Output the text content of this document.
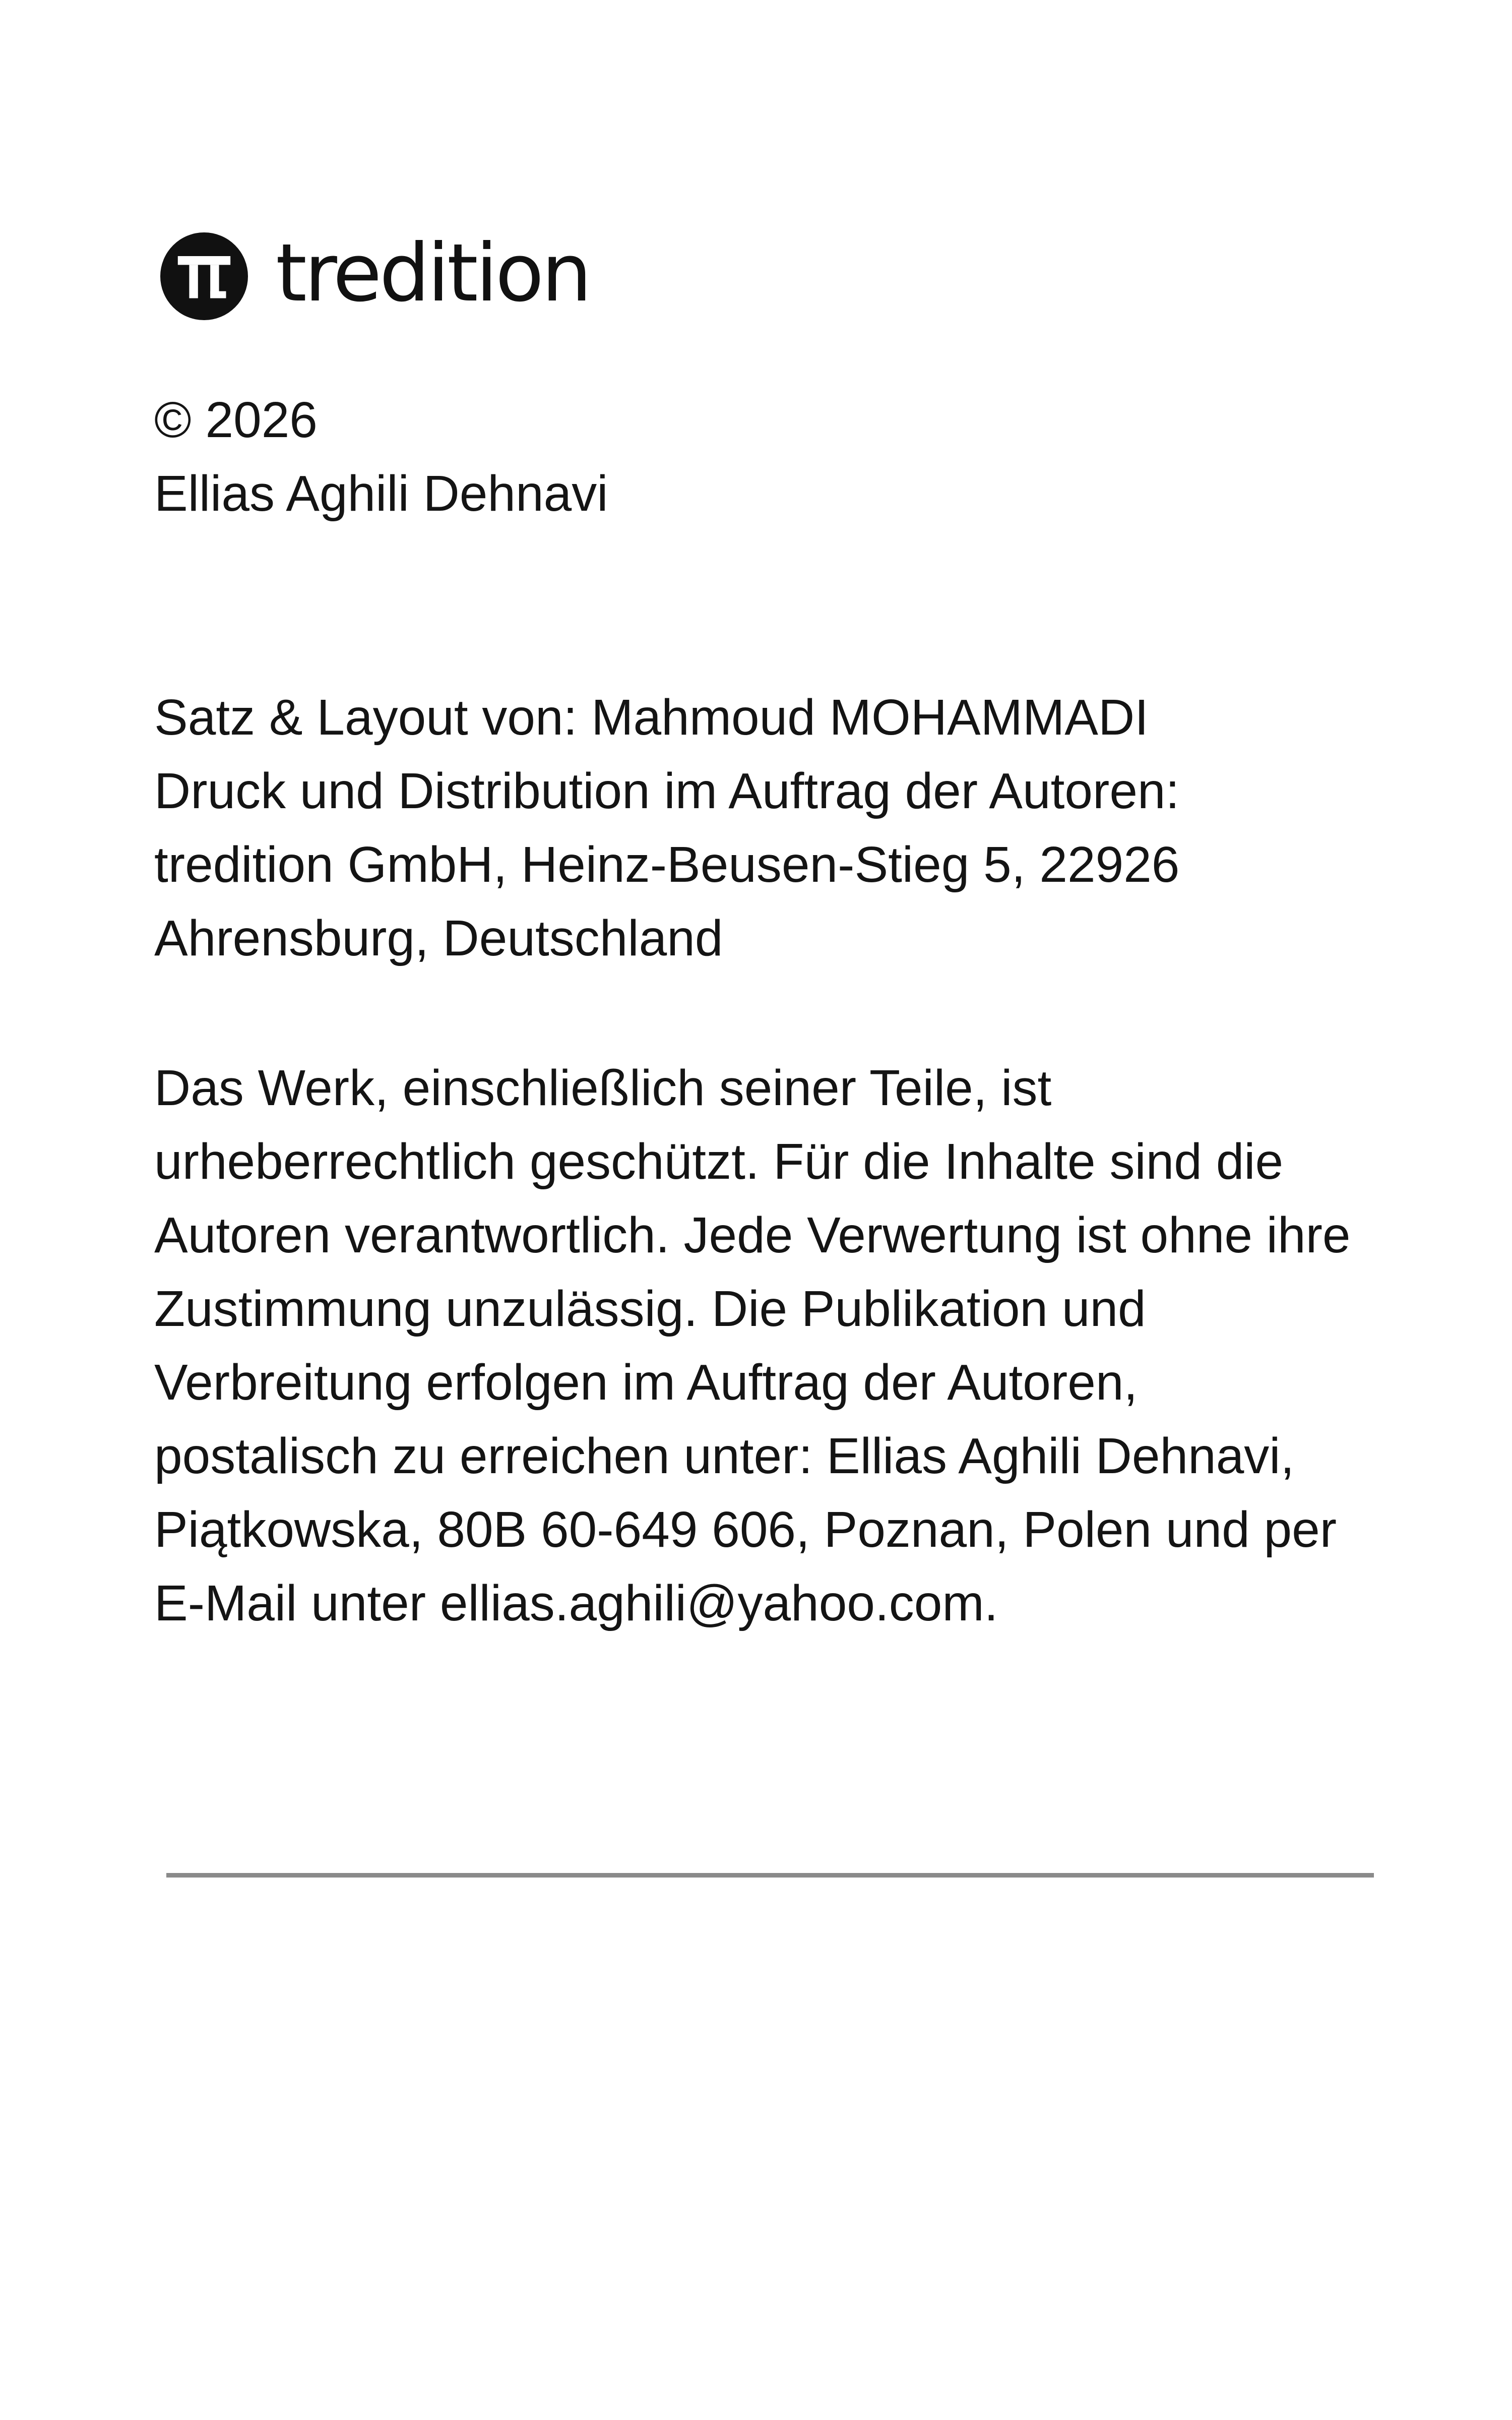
tredition
© 2026
Ellias Aghili Dehnavi
Satz & Layout von: Mahmoud MOHAMMADI
Druck und Distribution im Auftrag der Autoren:
tredition GmbH, Heinz-Beusen-Stieg 5, 22926
Ahrensburg, Deutschland
Das Werk, einschließlich seiner Teile, ist
urheberrechtlich geschützt. Für die Inhalte sind die
Autoren verantwortlich. Jede Verwertung ist ohne ihre
Zustimmung unzulässig. Die Publikation und
Verbreitung erfolgen im Auftrag der Autoren,
postalisch zu erreichen unter: Ellias Aghili Dehnavi,
Piątkowska, 80B 60-649 606, Poznan, Polen und per
E-Mail unter ellias.aghili@yahoo.com.
